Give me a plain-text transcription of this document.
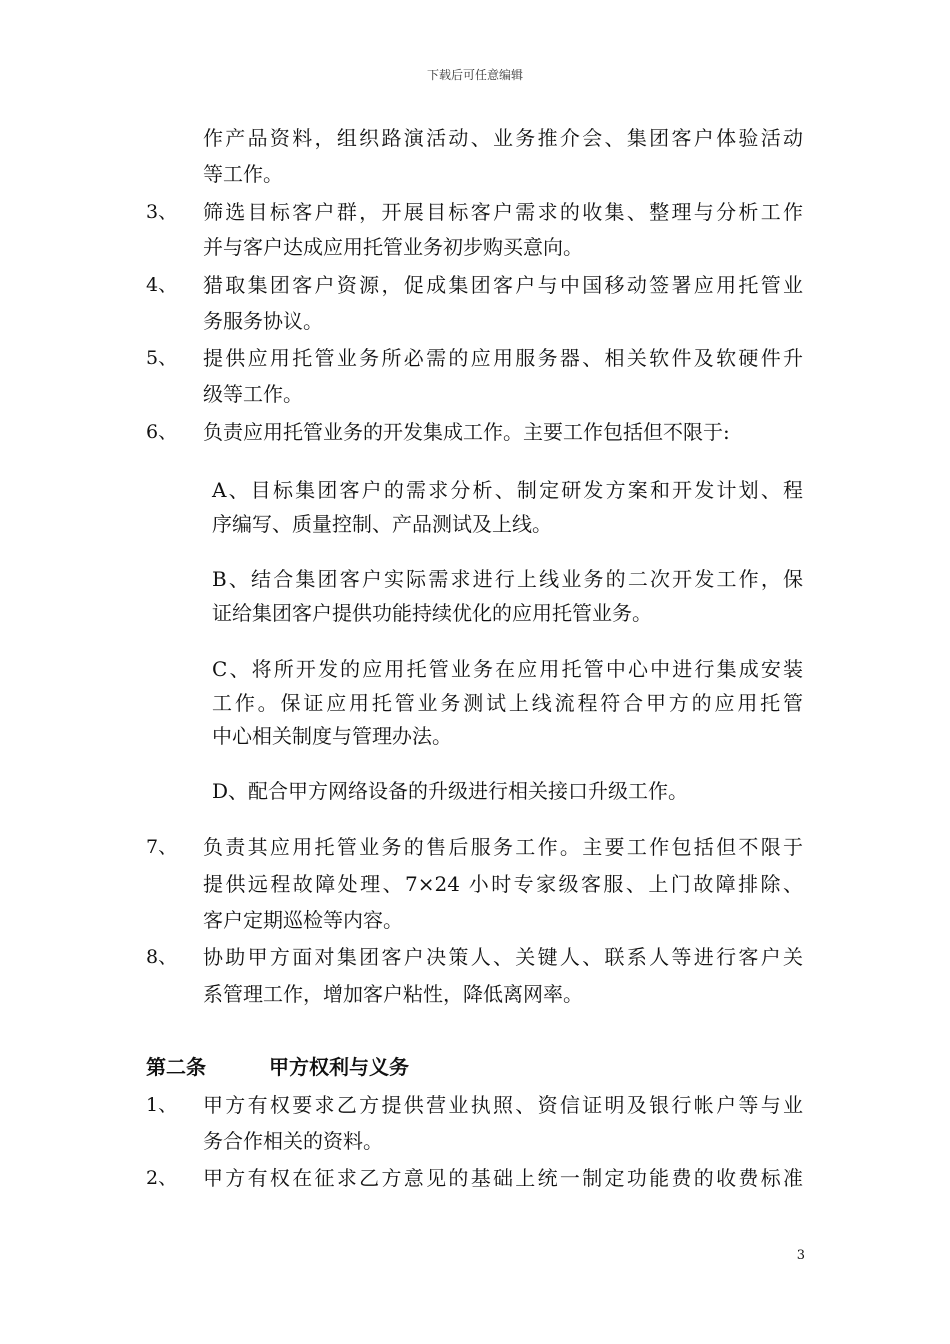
下载后可任意编辑
作产品资料，组织路演活动、业务推介会、集团客户体验活动
等工作。
3、 筛选目标客户群，开展目标客户需求的收集、整理与分析工作
并与客户达成应用托管业务初步购买意向。
4、 猎取集团客户资源，促成集团客户与中国移动签署应用托管业
务服务协议。
5、 提供应用托管业务所必需的应用服务器、相关软件及软硬件升
级等工作。
6、 负责应用托管业务的开发集成工作。主要工作包括但不限于:
A、目标集团客户的需求分析、制定研发方案和开发计划、程
序编写、质量控制、产品测试及上线。
B、结合集团客户实际需求进行上线业务的二次开发工作，保
证给集团客户提供功能持续优化的应用托管业务。
C、将所开发的应用托管业务在应用托管中心中进行集成安装
工作。保证应用托管业务测试上线流程符合甲方的应用托管
中心相关制度与管理办法。
D、配合甲方网络设备的升级进行相关接口升级工作。
7、 负责其应用托管业务的售后服务工作。主要工作包括但不限于
提供远程故障处理、7×24 小时专家级客服、上门故障排除、
客户定期巡检等内容。
8、 协助甲方面对集团客户决策人、关键人、联系人等进行客户关
系管理工作，增加客户粘性，降低离网率。
第二条	甲方权利与义务
1、 甲方有权要求乙方提供营业执照、资信证明及银行帐户等与业
务合作相关的资料。
2、 甲方有权在征求乙方意见的基础上统一制定功能费的收费标准
3
